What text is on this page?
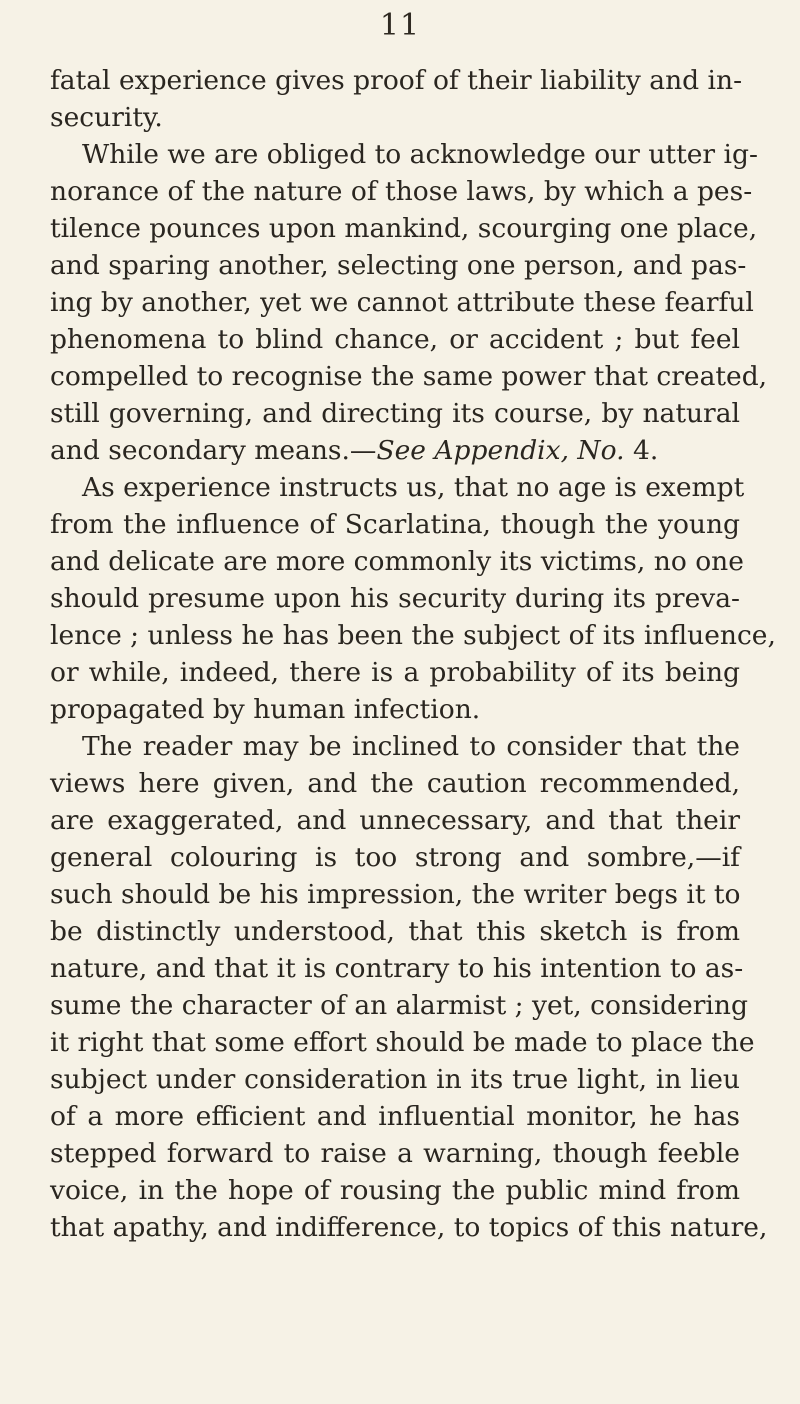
11
fatal experience gives proof of their liability and in-
security.
While we are obliged to acknowledge our utter ig-
norance of the nature of those laws, by which a pes-
tilence pounces upon mankind, scourging one place,
and sparing another, selecting one person, and pas-
ing by another, yet we cannot attribute these fearful
phenomena to blind chance, or accident ; but feel
compelled to recognise the same power that created,
still governing, and directing its course, by natural
and secondary means.—See Appendix, No. 4.
As experience instructs us, that no age is exempt
from the influence of Scarlatina, though the young
and delicate are more commonly its victims, no one
should presume upon his security during its preva-
lence ; unless he has been the subject of its influence,
or while, indeed, there is a probability of its being
propagated by human infection.
The reader may be inclined to consider that the
views here given, and the caution recommended,
are exaggerated, and unnecessary, and that their
general colouring is too strong and sombre,—if
such should be his impression, the writer begs it to
be distinctly understood, that this sketch is from
nature, and that it is contrary to his intention to as-
sume the character of an alarmist ; yet, considering
it right that some effort should be made to place the
subject under consideration in its true light, in lieu
of a more efficient and influential monitor, he has
stepped forward to raise a warning, though feeble
voice, in the hope of rousing the public mind from
that apathy, and indifference, to topics of this nature,
